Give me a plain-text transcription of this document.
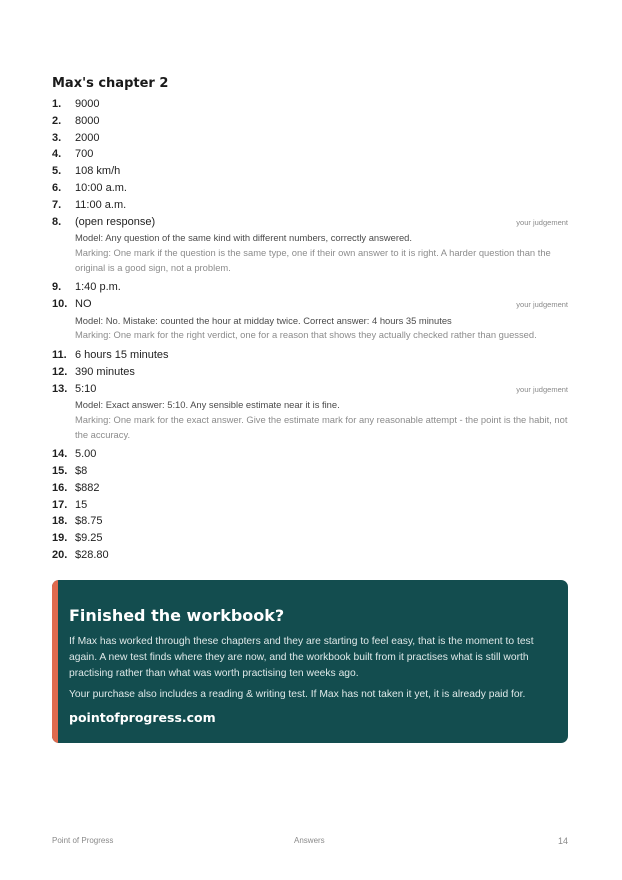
Max's chapter 2
1.	9000
2.	8000
3.	2000
4.	700
5.	108 km/h
6.	10:00 a.m.
7.	11:00 a.m.
8.	(open response)	your judgement
Model: Any question of the same kind with different numbers, correctly answered.
Marking: One mark if the question is the same type, one if their own answer to it is right. A harder question than the original is a good sign, not a problem.
9.	1:40 p.m.
10. NO	your judgement
Model: No. Mistake: counted the hour at midday twice. Correct answer: 4 hours 35 minutes
Marking: One mark for the right verdict, one for a reason that shows they actually checked rather than guessed.
11. 6 hours 15 minutes
12. 390 minutes
13. 5:10	your judgement
Model: Exact answer: 5:10. Any sensible estimate near it is fine.
Marking: One mark for the exact answer. Give the estimate mark for any reasonable attempt - the point is the habit, not the accuracy.
14. 5.00
15. $8
16. $882
17. 15
18. $8.75
19. $9.25
20. $28.80
Finished the workbook?
If Max has worked through these chapters and they are starting to feel easy, that is the moment to test again. A new test finds where they are now, and the workbook built from it practises what is still worth practising rather than what was worth practising ten weeks ago.
Your purchase also includes a reading & writing test. If Max has not taken it yet, it is already paid for.
pointofprogress.com
Point of Progress	Answers	14
